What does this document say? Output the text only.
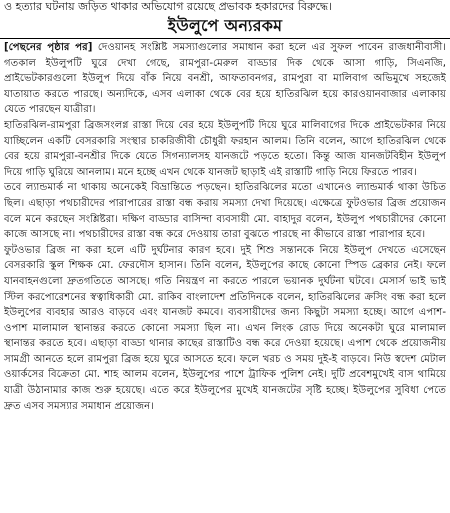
ও হত্যার ঘটনায় জড়িত থাকার অভিযোগ রয়েছে প্রভাবক হকারদের বিরুদ্ধে।
ইউলুপে অন্যরকম

[পেছনের পৃষ্ঠার পর] দেওয়ানহ সংশ্লিষ্ট সমস্যাগুলোর সমাধান করা হলে এর সুফল পাবেন রাজধানীবাসী। গতকাল ইউলুপটি ঘুরে দেখা গেছে, রামপুরা-মেরুল বাড্ডার দিক থেকে আসা গাড়ি, সিএনজি, প্রাইভেটকারগুলো ইউলুপ দিয়ে বাঁক নিয়ে বনশ্রী, আফতাবনগর, রামপুরা বা মালিবাগ অভিমুখে সহজেই যাতায়াত করতে পারছে। অন্যদিকে, এসব এলাকা থেকে বের হয়ে হাতিরঝিল হয়ে কারওয়ানবাজার এলাকায় যেতে পারছেন যাত্রীরা।

হাতিরঝিল-রামপুরা ব্রিজসংলগ্ন রাস্তা দিয়ে বের হয়ে ইউলুপটি দিয়ে ঘুরে মালিবাগের দিকে প্রাইভেটকার নিয়ে যাচ্ছিলেন একটি বেসরকারি সংস্থার চাকরিজীবী চৌধুরী ফরহান আলম। তিনি বলেন, আগে হাতিরঝিল থেকে বের হয়ে রামপুরা-বনশ্রীর দিকে যেতে সিগন্যালসহ যানজটে পড়তে হতো। কিন্তু আজ যানজটবিহীন ইউলুপ দিয়ে গাড়ি ঘুরিয়ে আনলাম। মনে হচ্ছে এখন থেকে যানজট ছাড়াই এই রাস্তাটি গাড়ি নিয়ে ফিরতে পারব।

তবে ল্যান্ডমার্ক না থাকায় অনেকেই বিভ্রান্তিতে পড়ছেন। হাতিরঝিলের মতো এখানেও ল্যান্ডমার্ক থাকা উচিত ছিল। এছাড়া পথচারীদের পারাপারের রাস্তা বন্ধ করায় সমস্যা দেখা দিয়েছে। এক্ষেত্রে ফুটওভার ব্রিজ প্রয়োজন বলে মনে করছেন সংশ্লিষ্টরা। দক্ষিণ বাড্ডার বাসিন্দা ব্যবসায়ী মো. বাহাদুর বলেন, ইউলুপ পথচারীদের কোনো কাজে আসছে না। পথচারীদের রাস্তা বন্ধ করে দেওয়ায় তারা বুঝতে পারছে না কীভাবে রাস্তা পারাপার হবে।

ফুটওভার ব্রিজ না করা হলে এটি দুর্ঘটনার কারণ হবে। দুই শিশু সন্তানকে নিয়ে ইউলুপ দেখতে এসেছেন বেসরকারি স্কুল শিক্ষক মো. ফেরদৌস হাসান। তিনি বলেন, ইউলুপের কাছে কোনো স্পিড ব্রেকার নেই। ফলে যানবাহনগুলো দ্রুতগতিতে আসছে। গতি নিয়ন্ত্রণ না করতে পারলে ভয়ানক দুর্ঘটনা ঘটবে। মেসার্স ভাই ভাই স্টিল করপোরেশনের স্বত্বাধিকারী মো. রাকিব বাংলাদেশ প্রতিদিনকে বলেন, হাতিরঝিলের ক্রসিং বন্ধ করা হলে ইউলুপের ব্যবহার আরও বাড়বে এবং যানজট কমবে। ব্যবসায়ীদের জন্য কিছুটা সমস্যা হচ্ছে। আগে এপাশ-ওপাশ মালামাল স্থানান্তর করতে কোনো সমস্যা ছিল না। এখন লিংক রোড দিয়ে অনেকটা ঘুরে মালামাল স্থানান্তর করতে হবে। এছাড়া বাড্ডা থানার কাছের রাস্তাটিও বন্ধ করে দেওয়া হয়েছে। এপাশ থেকে প্রয়োজনীয় সামগ্রী আনতে হলে রামপুরা ব্রিজ হয়ে ঘুরে আসতে হবে। ফলে খরচ ও সময় দুই-ই বাড়বে। নিউ স্বদেশ মেটাল ওয়ার্কসের বিক্রেতা মো. শাহ আলম বলেন, ইউলুপের পাশে ট্রাফিক পুলিশ নেই। দুটি প্রবেশমুখেই বাস থামিয়ে যাত্রী উঠানামার কাজ শুরু হয়েছে। এতে করে ইউলুপের মুখেই যানজটের সৃষ্টি হচ্ছে। ইউলুপের সুবিধা পেতে দ্রুত এসব সমস্যার সমাধান প্রয়োজন।
